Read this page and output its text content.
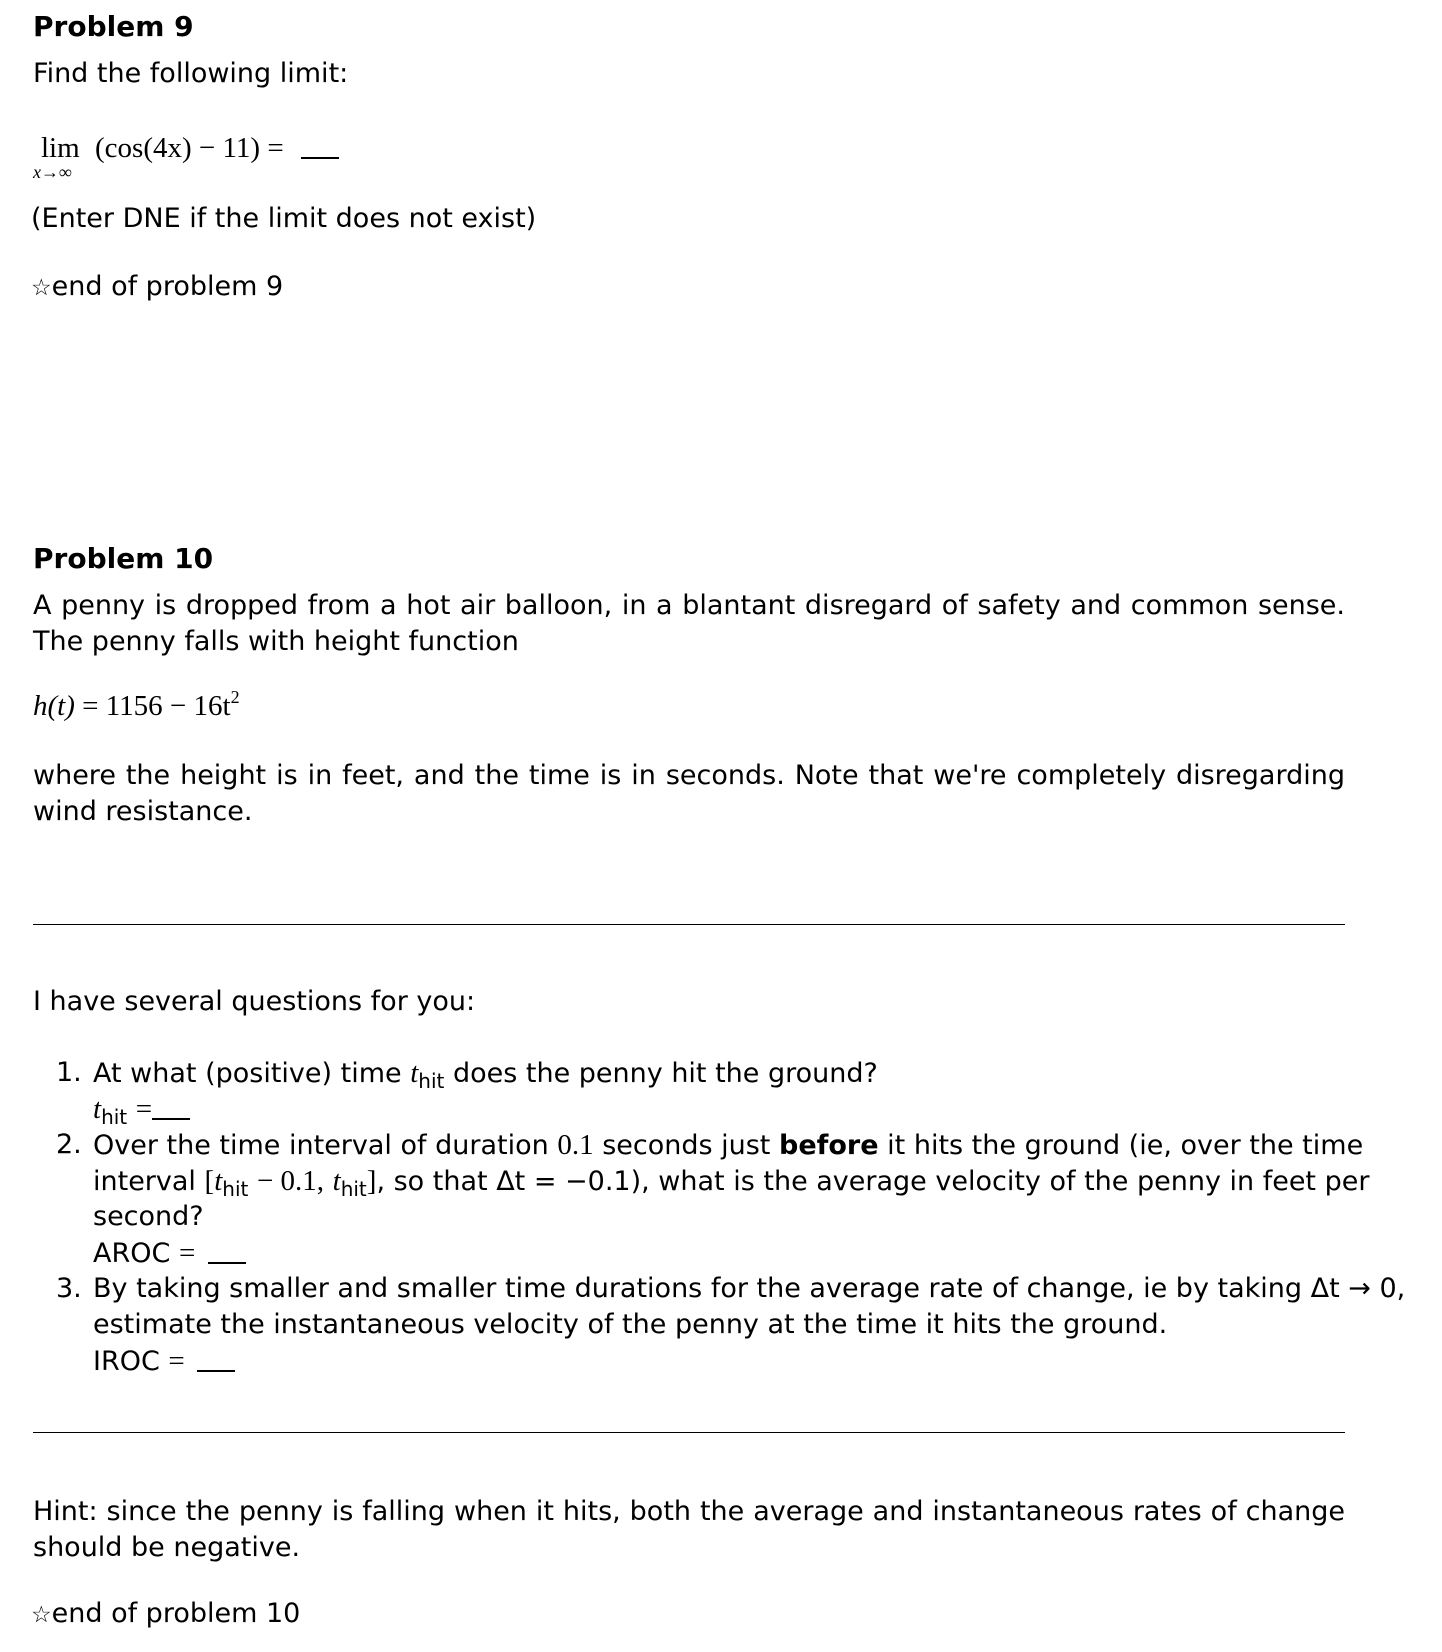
Problem 9
Find the following limit:
lim
x→∞
(cos(4x) − 11) =
(Enter DNE if the limit does not exist)
☆end of problem 9
Problem 10
A penny is dropped from a hot air balloon, in a blantant disregard of safety and common sense. The penny falls with height function
$h(t) = 1156 - 16t^2$
where the height is in feet, and the time is in seconds. Note that we're completely disregarding wind resistance.
I have several questions for you:
1. At what (positive) time $t_{hit}$ does the penny hit the ground?
$t_{hit}$ =
2. Over the time interval of duration 0.1 seconds just before it hits the ground (ie, over the time
interval [$t_{hit} - 0.1$, $t_{hit}$], so that Δt = −0.1), what is the average velocity of the penny in feet per
second?
AROC =
3. By taking smaller and smaller time durations for the average rate of change, ie by taking Δt → 0,
estimate the instantaneous velocity of the penny at the time it hits the ground.
IROC =
Hint: since the penny is falling when it hits, both the average and instantaneous rates of change should be negative.
☆end of problem 10
